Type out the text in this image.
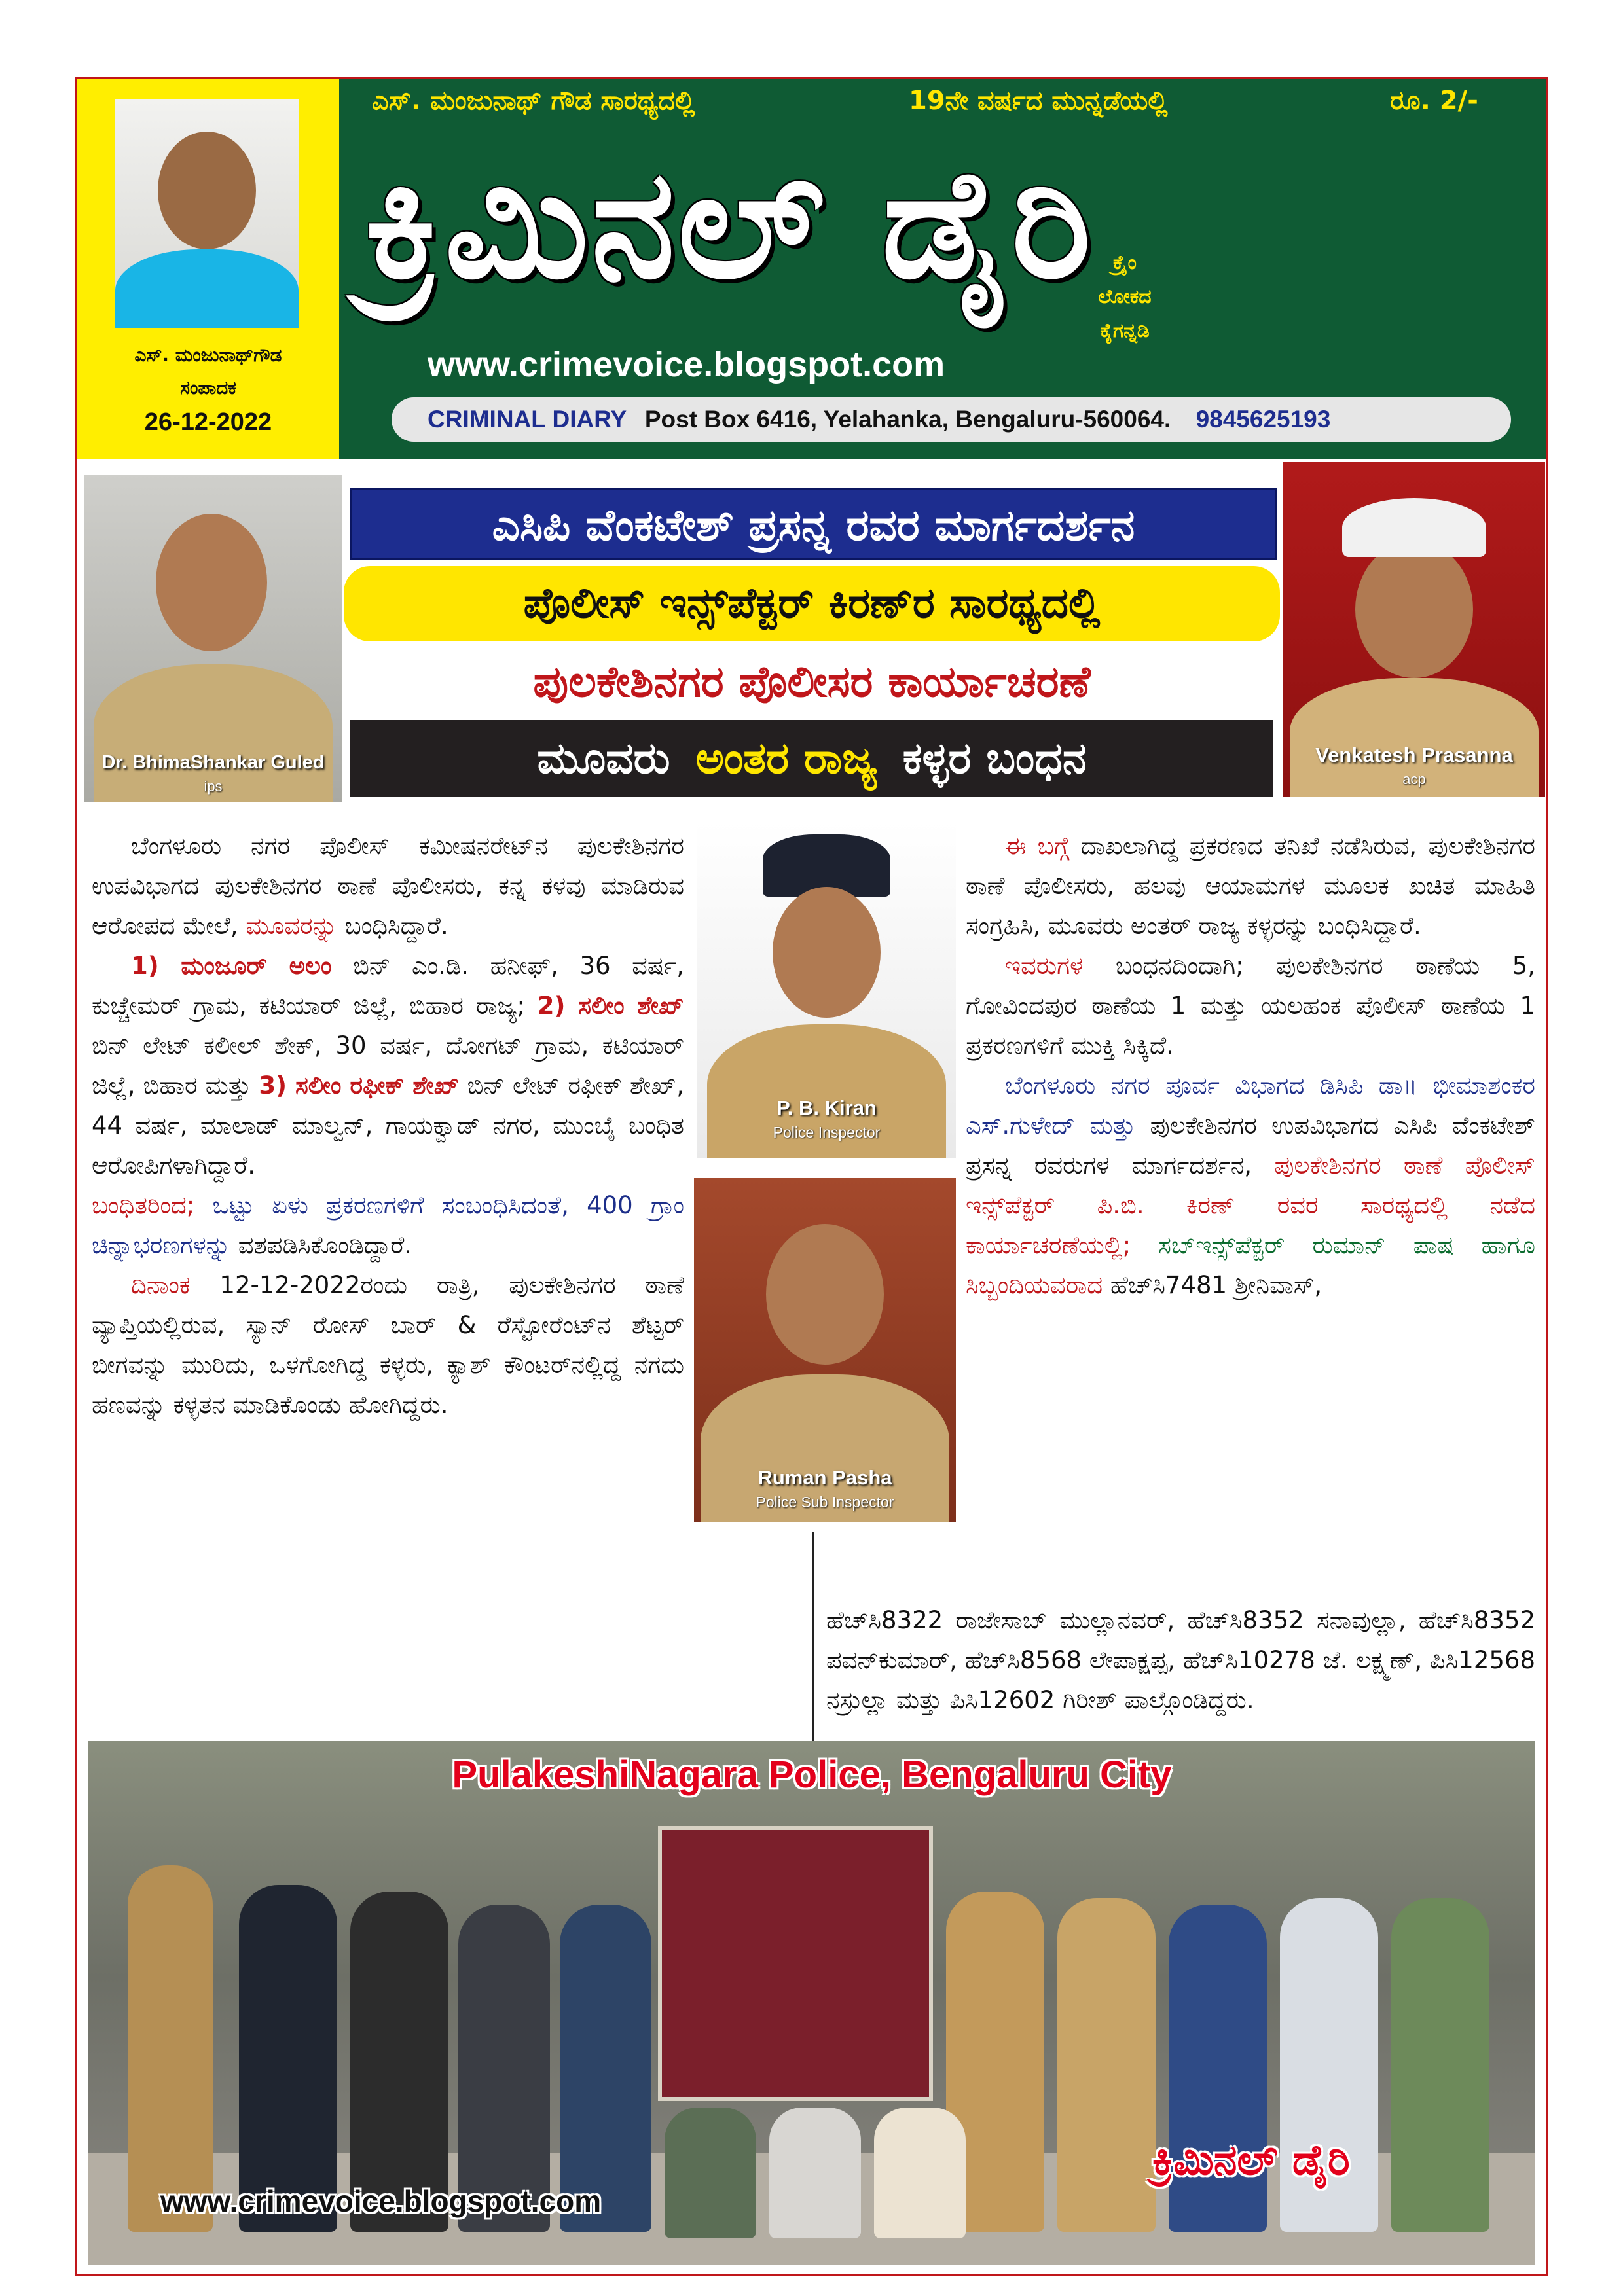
ಎಸ್. ಮಂಜುನಾಥ್‌ಗೌಡ
ಸಂಪಾದಕ
26-12-2022
ಎಸ್. ಮಂಜುನಾಥ್ ಗೌಡ ಸಾರಥ್ಯದಲ್ಲಿ	19ನೇ ವರ್ಷದ ಮುನ್ನಡೆಯಲ್ಲಿ	ರೂ. 2/-
ಕ್ರಿಮಿನಲ್ ಡೈರಿ ಕ್ರೈಂ
ಲೋಕದ
ಕೈಗನ್ನಡಿ
www.crimevoice.blogspot.com
CRIMINAL DIARY Post Box 6416, Yelahanka, Bengaluru-560064. 9845625193
Dr. BhimaShankar Guled
ips
Venkatesh Prasanna
acp
ಎಸಿಪಿ ವೆಂಕಟೇಶ್ ಪ್ರಸನ್ನ ರವರ ಮಾರ್ಗದರ್ಶನ
ಪೊಲೀಸ್ ಇನ್ಸ್‌ಪೆಕ್ಟರ್ ಕಿರಣ್‌ರ ಸಾರಥ್ಯದಲ್ಲಿ
ಪುಲಕೇಶಿನಗರ ಪೊಲೀಸರ ಕಾರ್ಯಾಚರಣೆ
ಮೂವರು ಅಂತರ ರಾಜ್ಯ ಕಳ್ಳರ ಬಂಧನ
P. B. Kiran
Police Inspector
Ruman Pasha
Police Sub Inspector

ಬೆಂಗಳೂರು ನಗರ ಪೊಲೀಸ್ ಕಮೀಷನರೇಟ್‌ನ ಪುಲಕೇಶಿನಗರ ಉಪವಿಭಾಗದ ಪುಲಕೇಶಿನಗರ ಠಾಣೆ ಪೊಲೀಸರು, ಕನ್ನ ಕಳವು ಮಾಡಿರುವ ಆರೋಪದ ಮೇಲೆ, ಮೂವರನ್ನು ಬಂಧಿಸಿದ್ದಾರೆ.

1) ಮಂಜೂರ್ ಅಲಂ ಬಿನ್ ಎಂ.ಡಿ. ಹನೀಫ್, 36 ವರ್ಷ, ಕುಚ್ಚೇಮರ್ ಗ್ರಾಮ, ಕಟಿಯಾರ್ ಜಿಲ್ಲೆ, ಬಿಹಾರ ರಾಜ್ಯ; 2) ಸಲೀಂ ಶೇಖ್ ಬಿನ್ ಲೇಟ್ ಕಲೀಲ್ ಶೇಕ್, 30 ವರ್ಷ, ದೋಗಟ್ ಗ್ರಾಮ, ಕಟಿಯಾರ್ ಜಿಲ್ಲೆ, ಬಿಹಾರ ಮತ್ತು 3) ಸಲೀಂ ರಫೀಕ್ ಶೇಖ್ ಬಿನ್ ಲೇಟ್ ರಫೀಕ್ ಶೇಖ್, 44 ವರ್ಷ, ಮಾಲಾಡ್ ಮಾಲ್ವನ್, ಗಾಯಕ್ವಾಡ್ ನಗರ, ಮುಂಬೈ ಬಂಧಿತ ಆರೋಪಿಗಳಾಗಿದ್ದಾರೆ.

ಬಂಧಿತರಿಂದ; ಒಟ್ಟು ಏಳು ಪ್ರಕರಣಗಳಿಗೆ ಸಂಬಂಧಿಸಿದಂತೆ, 400 ಗ್ರಾಂ ಚಿನ್ನಾಭರಣಗಳನ್ನು ವಶಪಡಿಸಿಕೊಂಡಿದ್ದಾರೆ.

ದಿನಾಂಕ 12-12-2022ರಂದು ರಾತ್ರಿ, ಪುಲಕೇಶಿನಗರ ಠಾಣೆ ವ್ಯಾಪ್ತಿಯಲ್ಲಿರುವ, ಸ್ಯಾನ್ ರೋಸ್ ಬಾರ್ & ರೆಸ್ಟೋರೆಂಟ್‌ನ ಶೆಟ್ಟರ್ ಬೀಗವನ್ನು ಮುರಿದು, ಒಳಗೋಗಿದ್ದ ಕಳ್ಳರು, ಕ್ಯಾಶ್ ಕೌಂಟರ್‌ನಲ್ಲಿದ್ದ ನಗದು ಹಣವನ್ನು ಕಳ್ಳತನ ಮಾಡಿಕೊಂಡು ಹೋಗಿದ್ದರು.

ಈ ಬಗ್ಗೆ ದಾಖಲಾಗಿದ್ದ ಪ್ರಕರಣದ ತನಿಖೆ ನಡೆಸಿರುವ, ಪುಲಕೇಶಿನಗರ ಠಾಣೆ ಪೊಲೀಸರು, ಹಲವು ಆಯಾಮಗಳ ಮೂಲಕ ಖಚಿತ ಮಾಹಿತಿ ಸಂಗ್ರಹಿಸಿ, ಮೂವರು ಅಂತರ್ ರಾಜ್ಯ ಕಳ್ಳರನ್ನು ಬಂಧಿಸಿದ್ದಾರೆ.

ಇವರುಗಳ ಬಂಧನದಿಂದಾಗಿ; ಪುಲಕೇಶಿನಗರ ಠಾಣೆಯ 5, ಗೋವಿಂದಪುರ ಠಾಣೆಯ 1 ಮತ್ತು ಯಲಹಂಕ ಪೊಲೀಸ್ ಠಾಣೆಯ 1 ಪ್ರಕರಣಗಳಿಗೆ ಮುಕ್ತಿ ಸಿಕ್ಕಿದೆ.

ಬೆಂಗಳೂರು ನಗರ ಪೂರ್ವ ವಿಭಾಗದ ಡಿಸಿಪಿ ಡಾ॥ ಭೀಮಾಶಂಕರ ಎಸ್.ಗುಳೇದ್ ಮತ್ತು ಪುಲಕೇಶಿನಗರ ಉಪವಿಭಾಗದ ಎಸಿಪಿ ವೆಂಕಟೇಶ್ ಪ್ರಸನ್ನ ರವರುಗಳ ಮಾರ್ಗದರ್ಶನ, ಪುಲಕೇಶಿನಗರ ಠಾಣೆ ಪೊಲೀಸ್ ಇನ್ಸ್‌ಪೆಕ್ಟರ್ ಪಿ.ಬಿ. ಕಿರಣ್ ರವರ ಸಾರಥ್ಯದಲ್ಲಿ ನಡೆದ ಕಾರ್ಯಾಚರಣೆಯಲ್ಲಿ; ಸಬ್‌ಇನ್ಸ್‌ಪೆಕ್ಟರ್ ರುಮಾನ್ ಪಾಷ ಹಾಗೂ ಸಿಬ್ಬಂದಿಯವರಾದ ಹೆಚ್‌ಸಿ7481 ಶ್ರೀನಿವಾಸ್,

ಹೆಚ್‌ಸಿ8322 ರಾಜೇಸಾಬ್ ಮುಲ್ಲಾನವರ್, ಹೆಚ್‌ಸಿ8352 ಸನಾವುಲ್ಲಾ, ಹೆಚ್‌ಸಿ8352 ಪವನ್‌ಕುಮಾರ್, ಹೆಚ್‌ಸಿ8568 ಲೇಪಾಕ್ಷಪ್ಪ, ಹೆಚ್‌ಸಿ10278 ಜೆ. ಲಕ್ಷ್ಮಣ್, ಪಿಸಿ12568 ನಸ್ರುಲ್ಲಾ ಮತ್ತು ಪಿಸಿ12602 ಗಿರೀಶ್ ಪಾಲ್ಗೊಂಡಿದ್ದರು.

PulakeshiNagara Police, Bengaluru City
www.crimevoice.blogspot.com
ಕ್ರಿಮಿನಲ್ ಡೈರಿ
